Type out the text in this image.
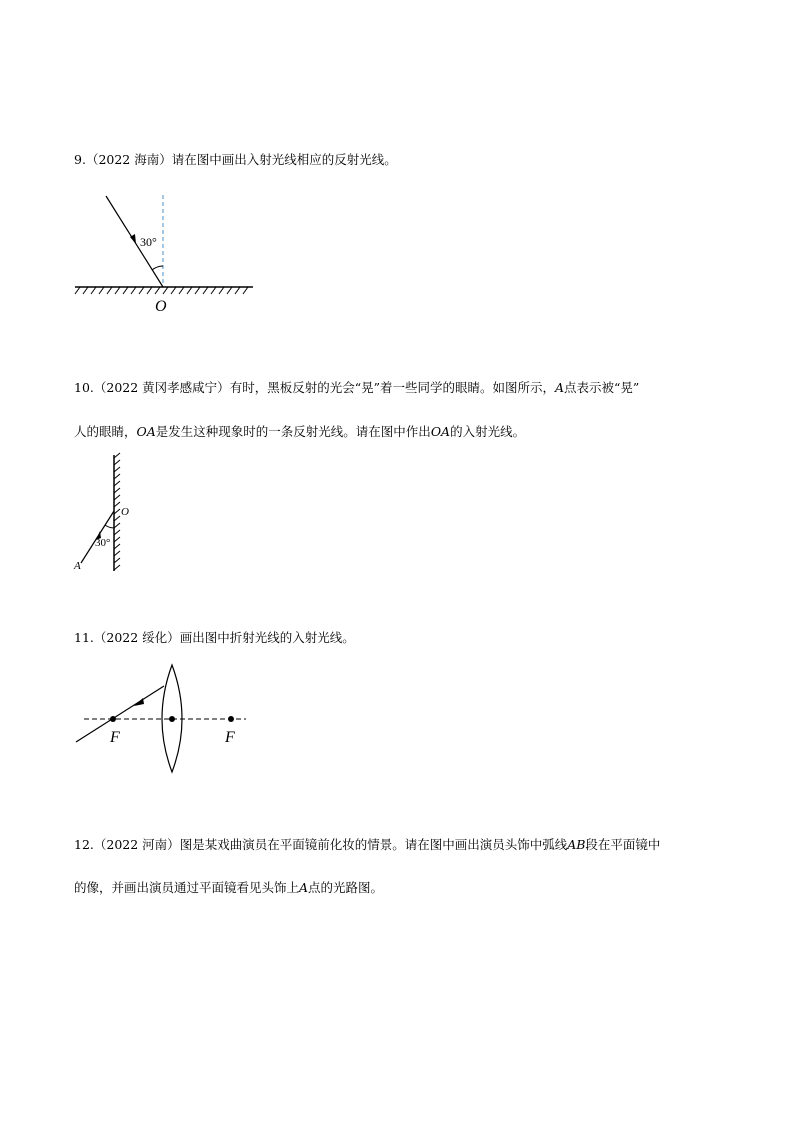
9.（2022 海南）请在图中画出入射光线相应的反射光线。
30°
O
10.（2022 黄冈孝感咸宁）有时，黑板反射的光会“晃”着一些同学的眼睛。如图所示，A点表示被“晃”
人的眼睛，OA是发生这种现象时的一条反射光线。请在图中作出OA的入射光线。
30°
O
A
11.（2022 绥化）画出图中折射光线的入射光线。
F	F
12.（2022 河南）图是某戏曲演员在平面镜前化妆的情景。请在图中画出演员头饰中弧线AB段在平面镜中
的像，并画出演员通过平面镜看见头饰上A点的光路图。
